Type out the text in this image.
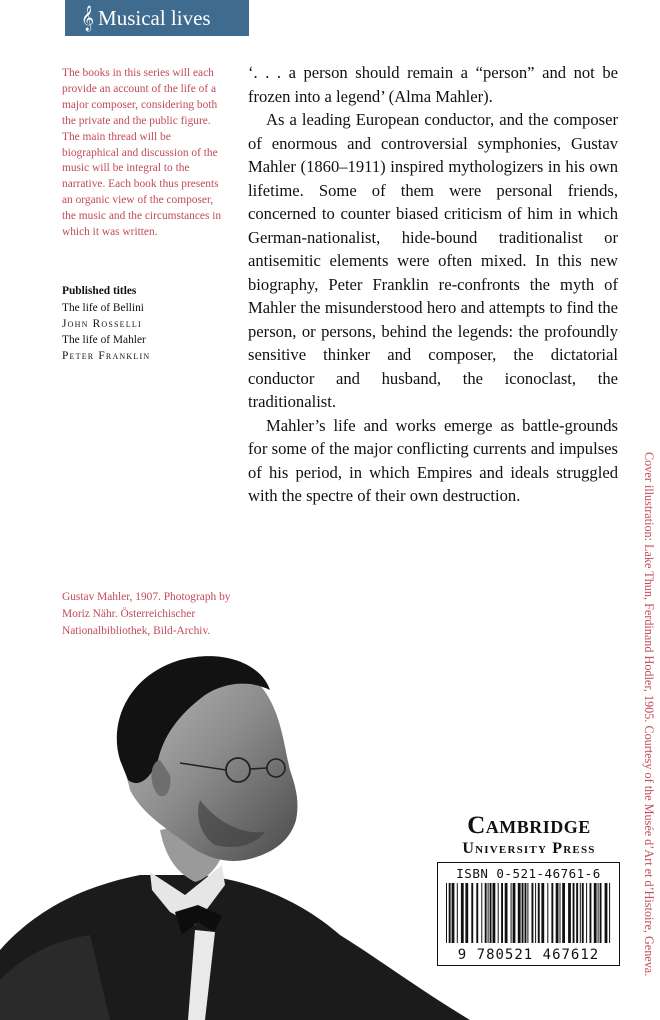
𝄞 Musical lives
The books in this series will each provide an account of the life of a major composer, considering both the private and the public figure. The main thread will be biographical and discussion of the music will be integral to the narrative. Each book thus presents an organic view of the composer, the music and the circumstances in which it was written.
Published titles
The life of Bellini
John Rosselli
The life of Mahler
Peter Franklin

‘. . . a person should remain a “person” and not be frozen into a legend’ (Alma Mahler).

As a leading European conductor, and the composer of enormous and controversial symphonies, Gustav Mahler (1860–1911) inspired mythologizers in his own lifetime. Some of them were personal friends, concerned to counter biased criticism of him in which German-nationalist, hide-bound traditionalist or antisemitic elements were often mixed. In this new biography, Peter Franklin re-confronts the myth of Mahler the misunderstood hero and attempts to find the person, or persons, behind the legends: the profoundly sensitive thinker and composer, the dictatorial conductor and husband, the iconoclast, the traditionalist.

Mahler’s life and works emerge as battle-grounds for some of the major conflicting currents and impulses of his period, in which Empires and ideals struggled with the spectre of their own destruction.

Gustav Mahler, 1907. Photograph by Moriz Nähr. Österreichischer Nationalbibliothek, Bild-Archiv.	Cover illustration: Lake Thun, Ferdinand Hodler, 1905. Courtesy of the Musée d’Art et d’Histoire, Geneva.
Cambridge
University Press
ISBN 0-521-46761-6
9 780521 467612
